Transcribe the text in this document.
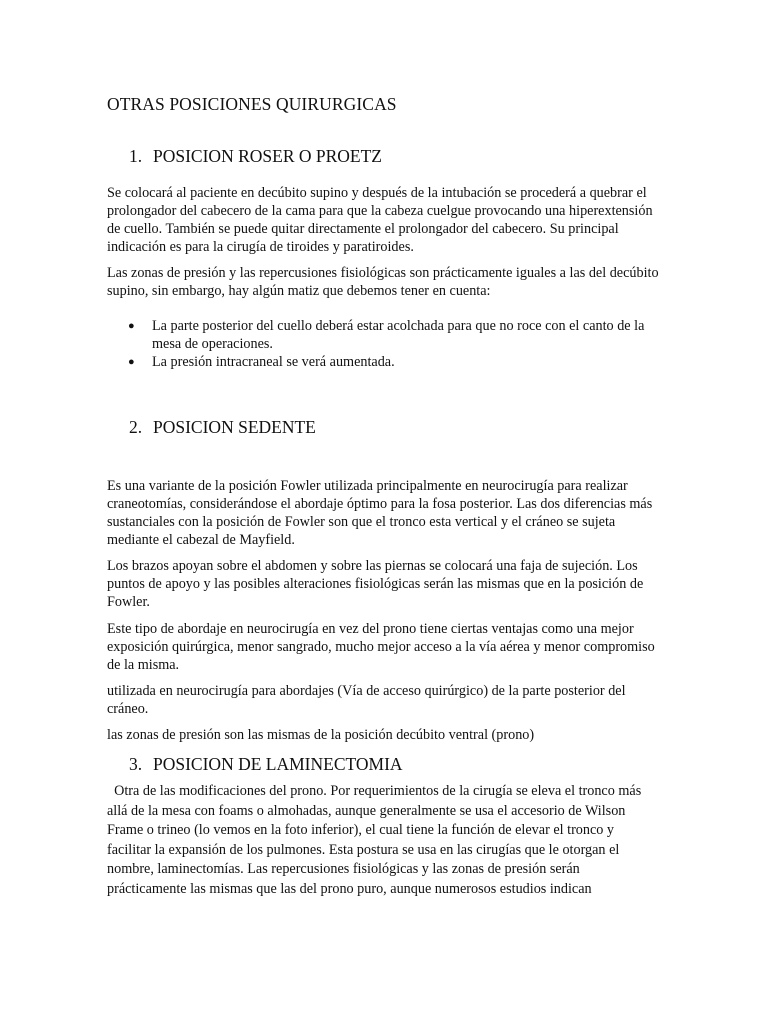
OTRAS POSICIONES QUIRURGICAS
1. POSICION ROSER O PROETZ

Se colocará al paciente en decúbito supino y después de la intubación se procederá a quebrar el prolongador del cabecero de la cama para que la cabeza cuelgue provocando una hiperextensión de cuello. También se puede quitar directamente el prolongador del cabecero. Su principal indicación es para la cirugía de tiroides y paratiroides.

Las zonas de presión y las repercusiones fisiológicas son prácticamente iguales a las del decúbito supino, sin embargo, hay algún matiz que debemos tener en cuenta:

● La parte posterior del cuello deberá estar acolchada para que no roce con el canto de la mesa de operaciones.
● La presión intracraneal se verá aumentada.
2. POSICION SEDENTE

Es una variante de la posición Fowler utilizada principalmente en neurocirugía para realizar craneotomías, considerándose el abordaje óptimo para la fosa posterior. Las dos diferencias más sustanciales con la posición de Fowler son que el tronco esta vertical y el cráneo se sujeta mediante el cabezal de Mayfield.

Los brazos apoyan sobre el abdomen y sobre las piernas se colocará una faja de sujeción. Los puntos de apoyo y las posibles alteraciones fisiológicas serán las mismas que en la posición de Fowler.

Este tipo de abordaje en neurocirugía en vez del prono tiene ciertas ventajas como una mejor exposición quirúrgica, menor sangrado, mucho mejor acceso a la vía aérea y menor compromiso de la misma.

utilizada en neurocirugía para abordajes (Vía de acceso quirúrgico) de la parte posterior del cráneo.

las zonas de presión son las mismas de la posición decúbito ventral (prono)

3. POSICION DE LAMINECTOMIA

Otra de las modificaciones del prono. Por requerimientos de la cirugía se eleva el tronco más allá de la mesa con foams o almohadas, aunque generalmente se usa el accesorio de Wilson Frame o trineo (lo vemos en la foto inferior), el cual tiene la función de elevar el tronco y facilitar la expansión de los pulmones. Esta postura se usa en las cirugías que le otorgan el nombre, laminectomías. Las repercusiones fisiológicas y las zonas de presión serán prácticamente las mismas que las del prono puro, aunque numerosos estudios indican
